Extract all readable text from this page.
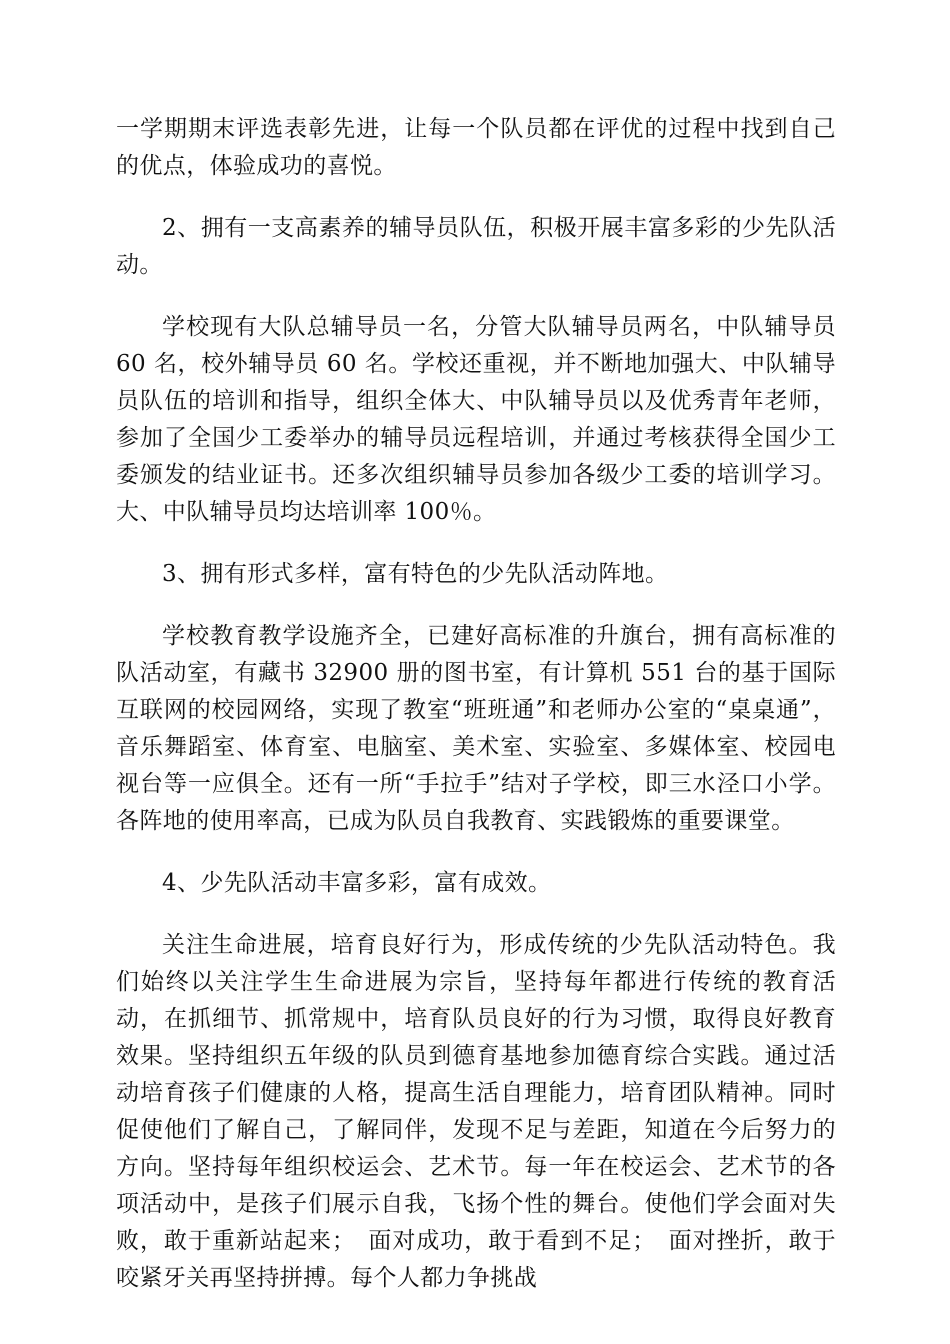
一学期期末评选表彰先进，让每一个队员都在评优的过程中找到自己的优点，体验成功的喜悦。

2、拥有一支高素养的辅导员队伍，积极开展丰富多彩的少先队活动。

学校现有大队总辅导员一名，分管大队辅导员两名，中队辅导员 60 名，校外辅导员 60 名。学校还重视，并不断地加强大、中队辅导员队伍的培训和指导，组织全体大、中队辅导员以及优秀青年老师，参加了全国少工委举办的辅导员远程培训，并通过考核获得全国少工委颁发的结业证书。还多次组织辅导员参加各级少工委的培训学习。大、中队辅导员均达培训率 100％。

3、拥有形式多样，富有特色的少先队活动阵地。

学校教育教学设施齐全，已建好高标准的升旗台，拥有高标准的队活动室，有藏书 32900 册的图书室，有计算机 551 台的基于国际互联网的校园网络，实现了教室“班班通”和老师办公室的“桌桌通”，音乐舞蹈室、体育室、电脑室、美术室、实验室、多媒体室、校园电视台等一应俱全。还有一所“手拉手”结对子学校，即三水泾口小学。各阵地的使用率高，已成为队员自我教育、实践锻炼的重要课堂。

4、少先队活动丰富多彩，富有成效。

关注生命进展，培育良好行为，形成传统的少先队活动特色。我们始终以关注学生生命进展为宗旨，坚持每年都进行传统的教育活动，在抓细节、抓常规中，培育队员良好的行为习惯，取得良好教育效果。坚持组织五年级的队员到德育基地参加德育综合实践。通过活动培育孩子们健康的人格，提高生活自理能力，培育团队精神。同时促使他们了解自己，了解同伴，发现不足与差距，知道在今后努力的方向。坚持每年组织校运会、艺术节。每一年在校运会、艺术节的各项活动中，是孩子们展示自我，飞扬个性的舞台。使他们学会面对失败，敢于重新站起来；　面对成功，敢于看到不足；　面对挫折，敢于咬紧牙关再坚持拼搏。每个人都力争挑战
